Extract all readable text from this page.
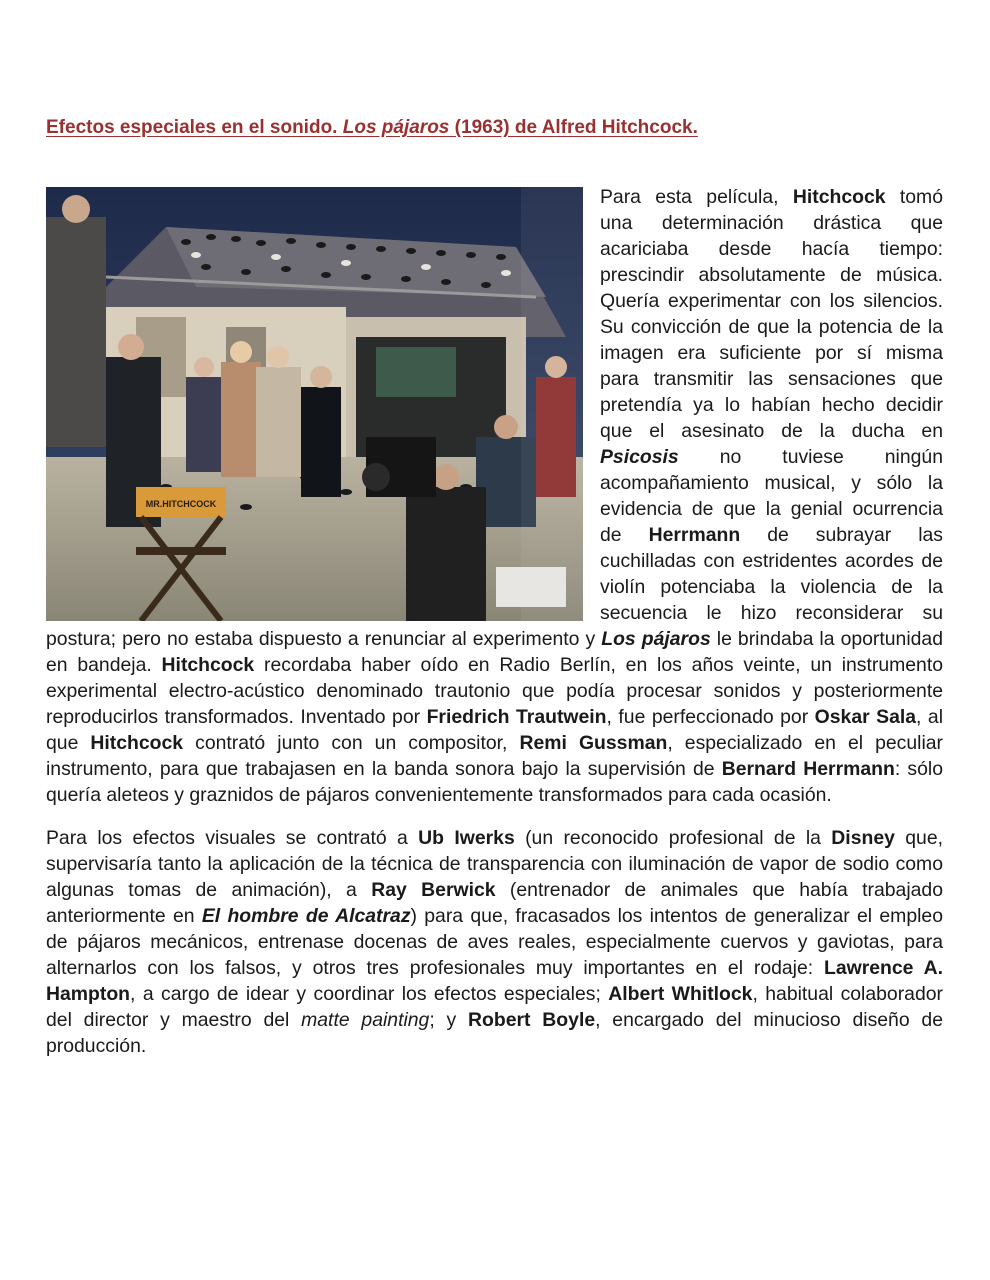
Efectos especiales en el sonido. Los pájaros (1963) de Alfred Hitchcock.
MR.HITCHCOCK

Para esta película, Hitchcock tomó una determinación drástica que acariciaba desde hacía tiempo: prescindir absolutamente de música. Quería experimentar con los silencios. Su convicción de que la potencia de la imagen era suficiente por sí misma para transmitir las sensaciones que pretendía ya lo habían hecho decidir que el asesinato de la ducha en Psicosis no tuviese ningún acompañamiento musical, y sólo la evidencia de que la genial ocurrencia de Herrmann de subrayar las cuchilladas con estridentes acordes de violín potenciaba la violencia de la secuencia le hizo reconsiderar su postura; pero no estaba dispuesto a renunciar al experimento y Los pájaros le brindaba la oportunidad en bandeja. Hitchcock recordaba haber oído en Radio Berlín, en los años veinte, un instrumento experimental electro-acústico denominado trautonio que podía procesar sonidos y posteriormente reproducirlos transformados. Inventado por Friedrich Trautwein, fue perfeccionado por Oskar Sala, al que Hitchcock contrató junto con un compositor, Remi Gussman, especializado en el peculiar instrumento, para que trabajasen en la banda sonora bajo la supervisión de Bernard Herrmann: sólo quería aleteos y graznidos de pájaros convenientemente transformados para cada ocasión.

Para los efectos visuales se contrató a Ub Iwerks (un reconocido profesional de la Disney que, supervisaría tanto la aplicación de la técnica de transparencia con iluminación de vapor de sodio como algunas tomas de animación), a Ray Berwick (entrenador de animales que había trabajado anteriormente en El hombre de Alcatraz) para que, fracasados los intentos de generalizar el empleo de pájaros mecánicos, entrenase docenas de aves reales, especialmente cuervos y gaviotas, para alternarlos con los falsos, y otros tres profesionales muy importantes en el rodaje: Lawrence A. Hampton, a cargo de idear y coordinar los efectos especiales; Albert Whitlock, habitual colaborador del director y maestro del matte painting; y Robert Boyle, encargado del minucioso diseño de producción.
